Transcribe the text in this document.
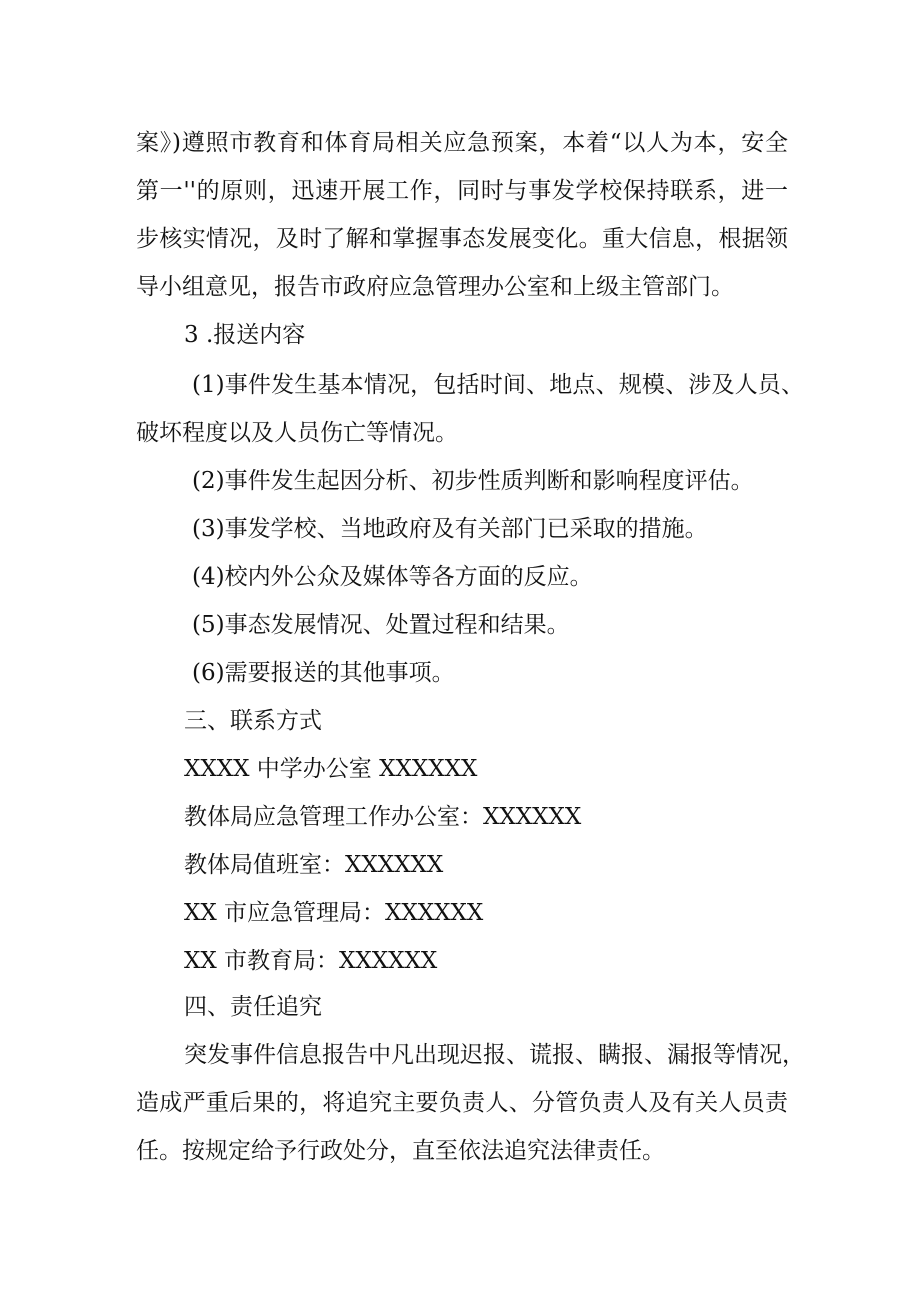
案》)遵照市教育和体育局相关应急预案，本着“以人为本，安全
第一''的原则，迅速开展工作，同时与事发学校保持联系，进一
步核实情况，及时了解和掌握事态发展变化。重大信息，根据领
导小组意见，报告市政府应急管理办公室和上级主管部门。
3 .报送内容
(1)事件发生基本情况，包括时间、地点、规模、涉及人员、
破坏程度以及人员伤亡等情况。
(2)事件发生起因分析、初步性质判断和影响程度评估。
(3)事发学校、当地政府及有关部门已采取的措施。
(4)校内外公众及媒体等各方面的反应。
(5)事态发展情况、处置过程和结果。
(6)需要报送的其他事项。
三、联系方式
XXXX 中学办公室 XXXXXX
教体局应急管理工作办公室：XXXXXX
教体局值班室：XXXXXX
XX 市应急管理局：XXXXXX
XX 市教育局：XXXXXX
四、责任追究
突发事件信息报告中凡出现迟报、谎报、瞒报、漏报等情况，
造成严重后果的，将追究主要负责人、分管负责人及有关人员责
任。按规定给予行政处分，直至依法追究法律责任。
